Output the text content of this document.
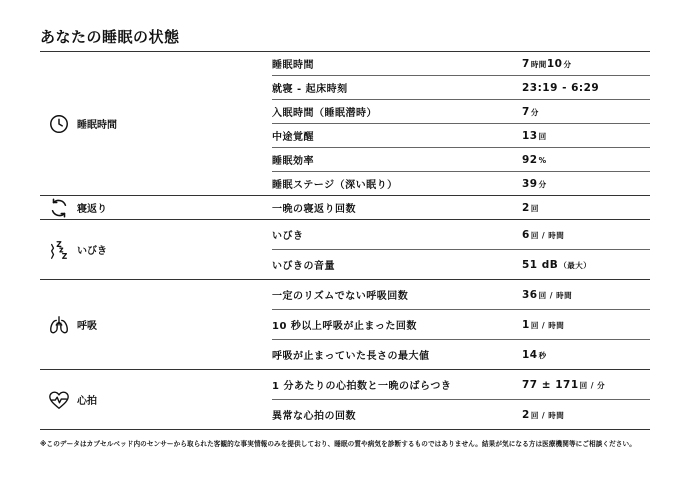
あなたの睡眠の状態
睡眠時間
睡眠時間	7時間10分
就寝 - 起床時刻	23:19 - 6:29
入眠時間（睡眠潜時）	7分
中途覚醒	13回
睡眠効率	92%
睡眠ステージ（深い眠り）	39分
寝返り	一晩の寝返り回数	2回
いびき
いびき	6回 / 時間
いびきの音量	51 dB（最大）
呼吸
一定のリズムでない呼吸回数	36回 / 時間
10 秒以上呼吸が止まった回数	1回 / 時間
呼吸が止まっていた長さの最大値	14秒
心拍
1 分あたりの心拍数と一晩のばらつき	77 ± 171回 / 分
異常な心拍の回数	2回 / 時間
※このデータはカプセルベッド内のセンサーから取られた客観的な事実情報のみを提供しており、睡眠の質や病気を診断するものではありません。結果が気になる方は医療機関等にご相談ください。
